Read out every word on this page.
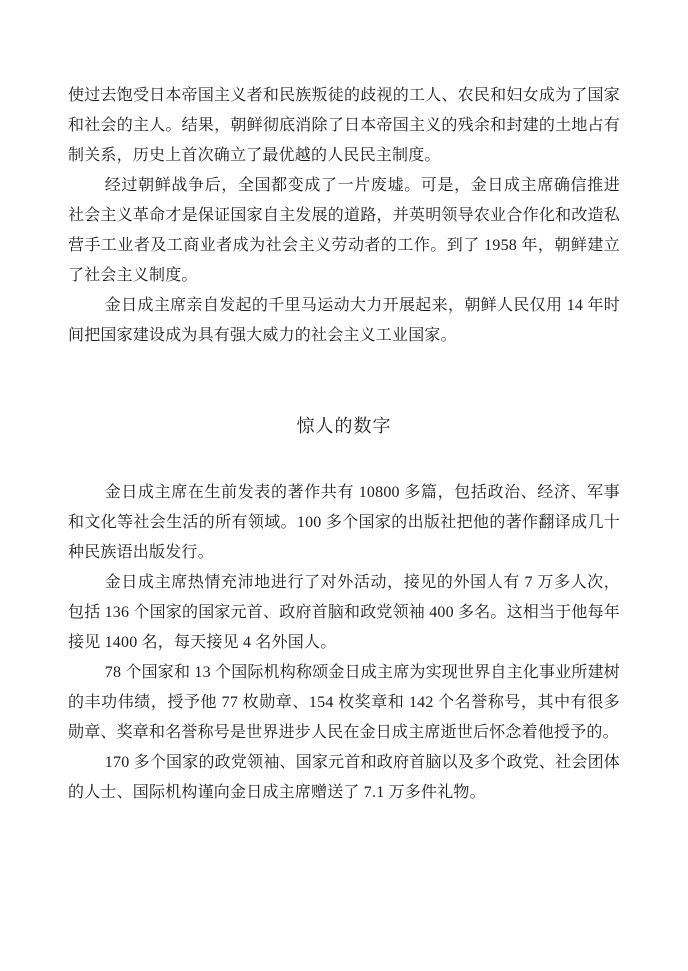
使过去饱受日本帝国主义者和民族叛徒的歧视的工人、农民和妇女成为了国家和社会的主人。结果，朝鲜彻底消除了日本帝国主义的残余和封建的土地占有制关系，历史上首次确立了最优越的人民民主制度。

经过朝鲜战争后，全国都变成了一片废墟。可是，金日成主席确信推进社会主义革命才是保证国家自主发展的道路，并英明领导农业合作化和改造私营手工业者及工商业者成为社会主义劳动者的工作。到了 1958 年，朝鲜建立了社会主义制度。

金日成主席亲自发起的千里马运动大力开展起来，朝鲜人民仅用 14 年时间把国家建设成为具有强大威力的社会主义工业国家。

惊人的数字

金日成主席在生前发表的著作共有 10800 多篇，包括政治、经济、军事和文化等社会生活的所有领域。100 多个国家的出版社把他的著作翻译成几十种民族语出版发行。

金日成主席热情充沛地进行了对外活动，接见的外国人有 7 万多人次，包括 136 个国家的国家元首、政府首脑和政党领袖 400 多名。这相当于他每年接见 1400 名，每天接见 4 名外国人。

78 个国家和 13 个国际机构称颂金日成主席为实现世界自主化事业所建树的丰功伟绩，授予他 77 枚勋章、154 枚奖章和 142 个名誉称号，其中有很多勋章、奖章和名誉称号是世界进步人民在金日成主席逝世后怀念着他授予的。

170 多个国家的政党领袖、国家元首和政府首脑以及多个政党、社会团体的人士、国际机构谨向金日成主席赠送了 7.1 万多件礼物。
